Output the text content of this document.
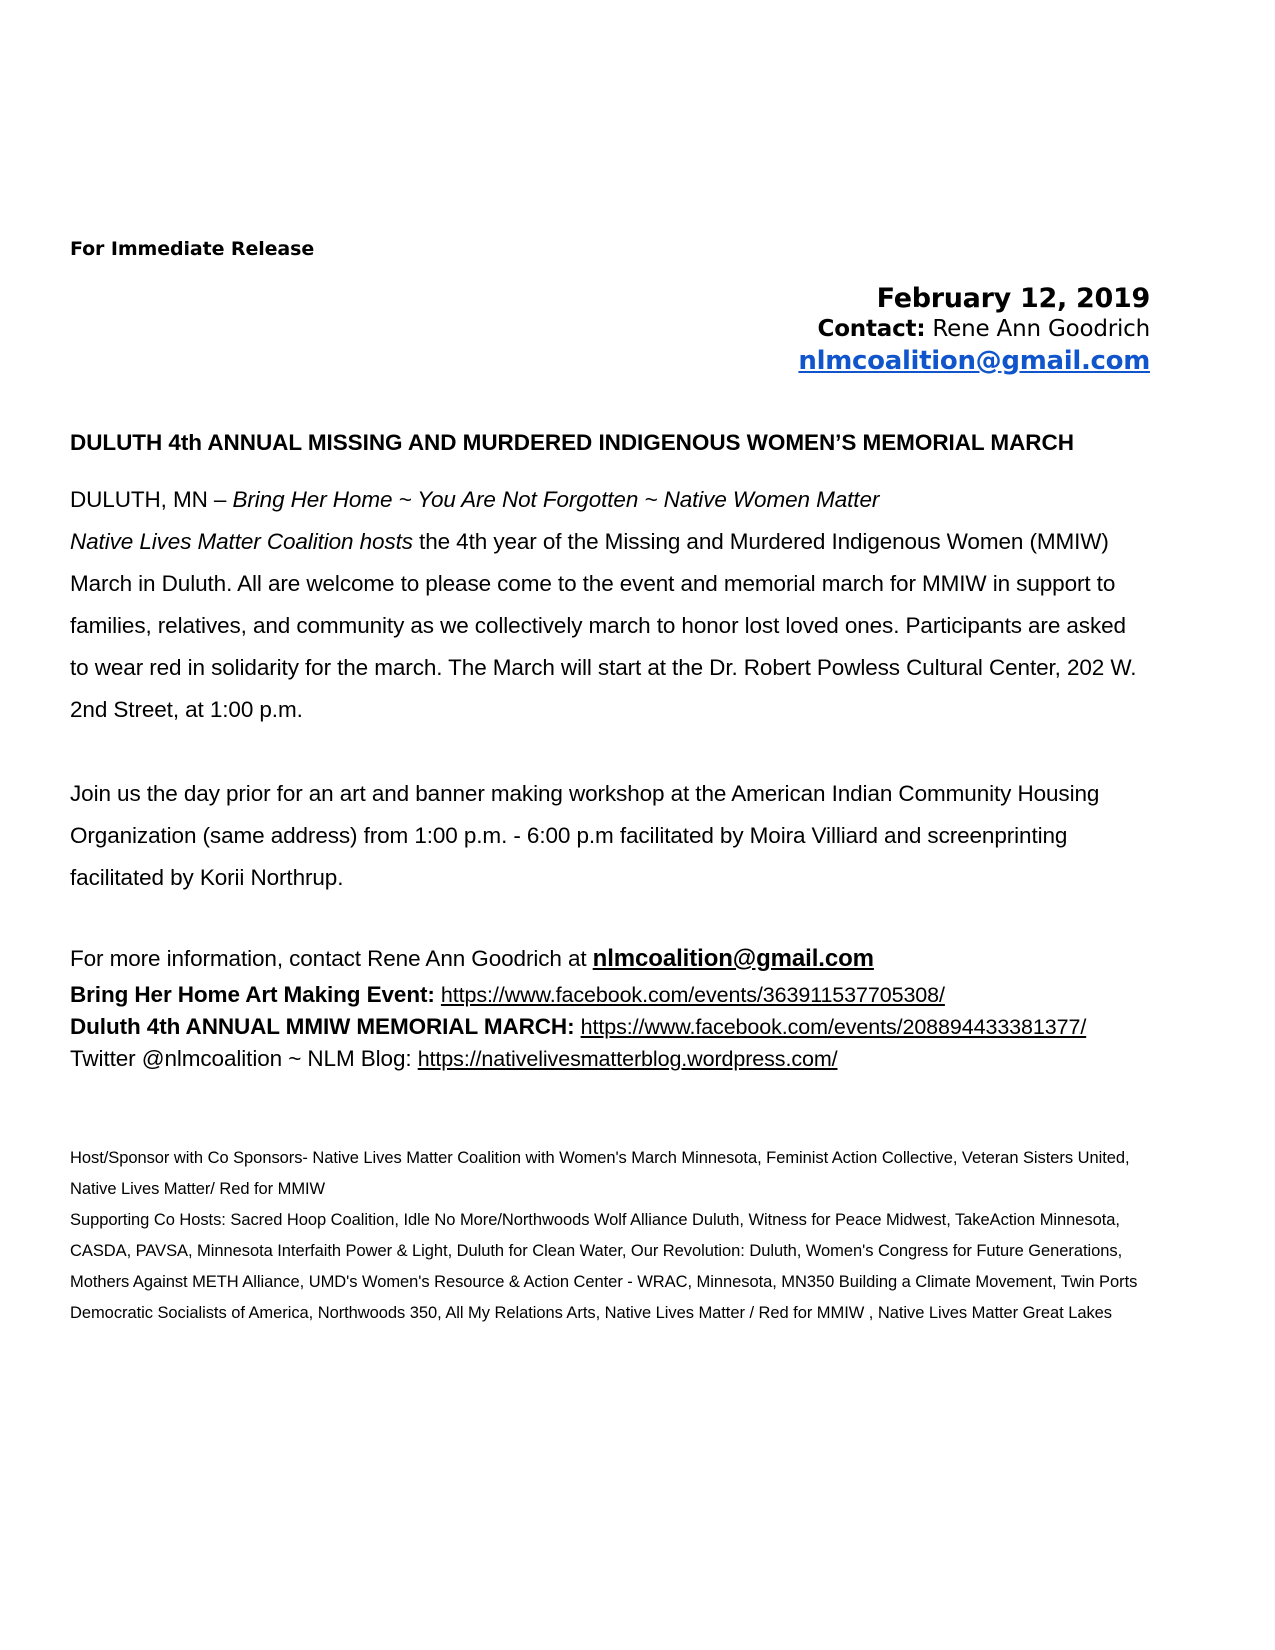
For Immediate Release
February 12, 2019
Contact: Rene Ann Goodrich
nlmcoalition@gmail.com
DULUTH 4th ANNUAL MISSING AND MURDERED INDIGENOUS WOMEN’S MEMORIAL MARCH

DULUTH, MN – Bring Her Home ~ You Are Not Forgotten ~ Native Women Matter
Native Lives Matter Coalition hosts the 4th year of the Missing and Murdered Indigenous Women (MMIW) March in Duluth. All are welcome to please come to the event and memorial march for MMIW in support to families, relatives, and community as we collectively march to honor lost loved ones. Participants are asked to wear red in solidarity for the march. The March will start at the Dr. Robert Powless Cultural Center, 202 W. 2nd Street, at 1:00 p.m.

Join us the day prior for an art and banner making workshop at the American Indian Community Housing Organization (same address) from 1:00 p.m. - 6:00 p.m facilitated by Moira Villiard and screenprinting facilitated by Korii Northrup.

For more information, contact Rene Ann Goodrich at nlmcoalition@gmail.com
Bring Her Home Art Making Event: https://www.facebook.com/events/363911537705308/
Duluth 4th ANNUAL MMIW MEMORIAL MARCH: https://www.facebook.com/events/208894433381377/
Twitter @nlmcoalition ~ NLM Blog: https://nativelivesmatterblog.wordpress.com/

Host/Sponsor with Co Sponsors- Native Lives Matter Coalition with Women's March Minnesota, Feminist Action Collective, Veteran Sisters United, Native Lives Matter/ Red for MMIW

Supporting Co Hosts: Sacred Hoop Coalition, Idle No More/Northwoods Wolf Alliance Duluth, Witness for Peace Midwest, TakeAction Minnesota, CASDA, PAVSA, Minnesota Interfaith Power & Light, Duluth for Clean Water, Our Revolution: Duluth, Women's Congress for Future Generations, Mothers Against METH Alliance, UMD's Women's Resource & Action Center - WRAC, Minnesota, MN350 Building a Climate Movement, Twin Ports Democratic Socialists of America, Northwoods 350, All My Relations Arts, Native Lives Matter / Red for MMIW , Native Lives Matter Great Lakes
